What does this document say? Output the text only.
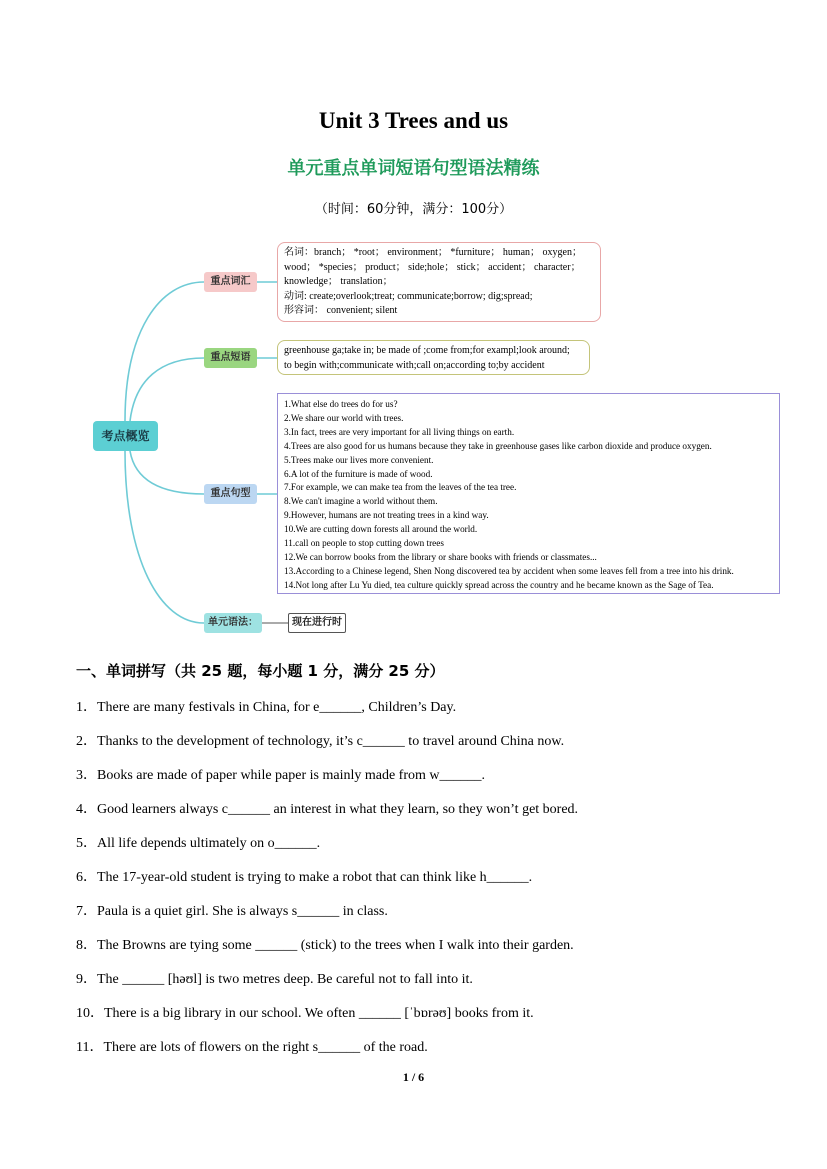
Unit 3 Trees and us
单元重点单词短语句型语法精练
（时间：60分钟，满分：100分）
考点概览
重点词汇
重点短语
重点句型
单元语法：	现在进行时
名词：branch； *root； environment； *furniture； human； oxygen；
wood； *species； product； side;hole； stick； accident； character；
knowledge； translation；
动词: create;overlook;treat; communicate;borrow; dig;spread;
形容词： convenient; silent
greenhouse ga;take in; be made of ;come from;for exampl;look around;
to begin with;communicate with;call on;according to;by accident
1.What else do trees do for us?
2.We share our world with trees.
3.In fact, trees are very important for all living things on earth.
4.Trees are also good for us humans because they take in greenhouse gases like carbon dioxide and produce oxygen.
5.Trees make our lives more convenient.
6.A lot of the furniture is made of wood.
7.For example, we can make tea from the leaves of the tea tree.
8.We can't imagine a world without them.
9.However, humans are not treating trees in a kind way.
10.We are cutting down forests all around the world.
11.call on people to stop cutting down trees
12.We can borrow books from the library or share books with friends or classmates...
13.According to a Chinese legend, Shen Nong discovered tea by accident when some leaves fell from a tree into his drink.
14.Not long after Lu Yu died, tea culture quickly spread across the country and he became known as the Sage of Tea.
一、单词拼写（共 25 题，每小题 1 分，满分 25 分）
1．There are many festivals in China, for e______, Children’s Day.
2．Thanks to the development of technology, it’s c______ to travel around China now.
3．Books are made of paper while paper is mainly made from w______.
4．Good learners always c______ an interest in what they learn, so they won’t get bored.
5．All life depends ultimately on o______.
6．The 17-year-old student is trying to make a robot that can think like h______.
7．Paula is a quiet girl. She is always s______ in class.
8．The Browns are tying some ______ (stick) to the trees when I walk into their garden.
9．The ______ [həʊl] is two metres deep. Be careful not to fall into it.
10．There is a big library in our school. We often ______ [ˈbɒrəʊ] books from it.
11．There are lots of flowers on the right s______ of the road.
1 / 6
